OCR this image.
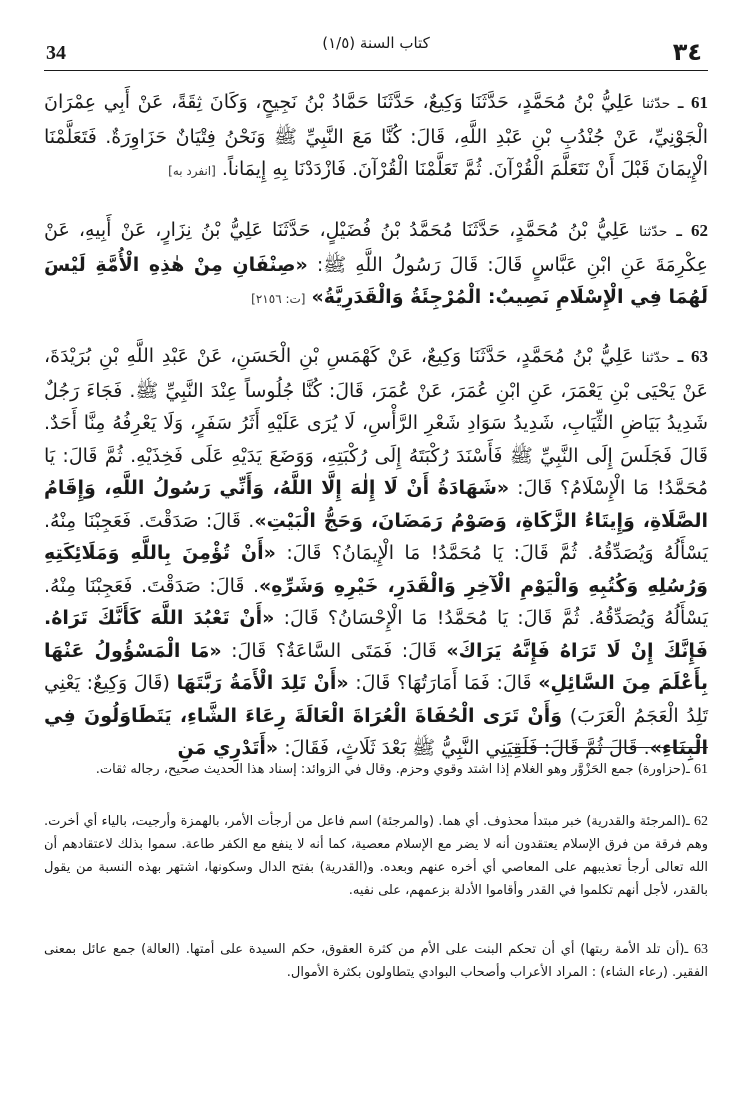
34	(١/٥) كتاب السنة	٣٤
61 ـ حدّثنا عَلِيُّ بْنُ مُحَمَّدٍ، حَدَّثَنَا وَكِيعٌ، حَدَّثَنَا حَمَّادُ بْنُ نَجِيحٍ، وَكَانَ ثِقَةً، عَنْ أَبِي عِمْرَانَ الْجَوْنِيِّ، عَنْ جُنْدُبِ بْنِ عَبْدِ اللَّهِ، قَالَ: كُنَّا مَعَ النَّبِيِّ ﷺ وَنَحْنُ فِتْيَانٌ حَزَاوِرَةٌ. فَتَعَلَّمْنَا الْإِيمَانَ قَبْلَ أَنْ نَتَعَلَّمَ الْقُرْآنَ. ثُمَّ تَعَلَّمْنَا الْقُرْآنَ. فَازْدَدْنَا بِهِ إِيمَاناً. [انفرد به]
62 ـ حدّثنا عَلِيُّ بْنُ مُحَمَّدٍ، حَدَّثَنَا مُحَمَّدُ بْنُ فُضَيْلٍ، حَدَّثَنَا عَلِيُّ بْنُ نِزَارٍ، عَنْ أَبِيهِ، عَنْ عِكْرِمَةَ عَنِ ابْنِ عَبَّاسٍ قَالَ: قَالَ رَسُولُ اللَّهِ ﷺ: «صِنْفَانِ مِنْ هٰذِهِ الْأُمَّةِ لَيْسَ لَهُمَا فِي الْإِسْلَامِ نَصِيبٌ: الْمُرْجِئَةُ وَالْقَدَرِيَّةُ» [ت: ٢١٥٦]
63 ـ حدّثنا عَلِيُّ بْنُ مُحَمَّدٍ، حَدَّثَنَا وَكِيعٌ، عَنْ كَهْمَسِ بْنِ الْحَسَنِ، عَنْ عَبْدِ اللَّهِ بْنِ بُرَيْدَةَ، عَنْ يَحْيَى بْنِ يَعْمَرَ، عَنِ ابْنِ عُمَرَ، عَنْ عُمَرَ، قَالَ: كُنَّا جُلُوساً عِنْدَ النَّبِيِّ ﷺ. فَجَاءَ رَجُلٌ شَدِيدُ بَيَاضِ الثِّيَابِ، شَدِيدُ سَوَادِ شَعْرِ الرَّأْسِ، لَا يُرَى عَلَيْهِ أَثَرُ سَفَرٍ، وَلَا يَعْرِفُهُ مِنَّا أَحَدٌ. قَالَ فَجَلَسَ إِلَى النَّبِيِّ ﷺ فَأَسْنَدَ رُكْبَتَهُ إِلَى رُكْبَتِهِ، وَوَضَعَ يَدَيْهِ عَلَى فَخِذَيْهِ. ثُمَّ قَالَ: يَا مُحَمَّدُ! مَا الْإِسْلَامُ؟ قَالَ: «شَهَادَةُ أَنْ لَا إِلٰهَ إِلَّا اللَّهُ، وَأَنِّي رَسُولُ اللَّهِ، وَإِقَامُ الصَّلَاةِ، وَإِيتَاءُ الزَّكَاةِ، وَصَوْمُ رَمَضَانَ، وَحَجُّ الْبَيْتِ». قَالَ: صَدَقْتَ. فَعَجِبْنَا مِنْهُ. يَسْأَلُهُ وَيُصَدِّقُهُ. ثُمَّ قَالَ: يَا مُحَمَّدُ! مَا الْإِيمَانُ؟ قَالَ: «أَنْ تُؤْمِنَ بِاللَّهِ وَمَلَائِكَتِهِ وَرُسُلِهِ وَكُتُبِهِ وَالْيَوْمِ الْآخِرِ وَالْقَدَرِ، خَيْرِهِ وَشَرِّهِ». قَالَ: صَدَقْتَ. فَعَجِبْنَا مِنْهُ. يَسْأَلُهُ وَيُصَدِّقُهُ. ثُمَّ قَالَ: يَا مُحَمَّدُ! مَا الْإِحْسَانُ؟ قَالَ: «أَنْ تَعْبُدَ اللَّهَ كَأَنَّكَ تَرَاهُ. فَإِنَّكَ إِنْ لَا تَرَاهُ فَإِنَّهُ يَرَاكَ» قَالَ: فَمَتَى السَّاعَةُ؟ قَالَ: «مَا الْمَسْؤُولُ عَنْهَا بِأَعْلَمَ مِنَ السَّائِلِ» قَالَ: فَمَا أَمَارَتُهَا؟ قَالَ: «أَنْ تَلِدَ الْأَمَةُ رَبَّتَهَا (قَالَ وَكِيعٌ: يَعْنِي تَلِدُ الْعَجَمُ الْعَرَبَ) وَأَنْ تَرَى الْحُفَاةَ الْعُرَاةَ الْعَالَةَ رِعَاءَ الشَّاءِ، يَتَطَاوَلُونَ فِي الْبِنَاءِ». قَالَ ثُمَّ قَالَ: فَلَقِيَنِي النَّبِيُّ ﷺ بَعْدَ ثَلَاثٍ، فَقَالَ: «أَتَدْرِي مَنِ
61 ـ(حزاورة) جمع الحَزْوَّر وهو الغلام إذا اشتد وقوي وحزم. وقال في الزوائد: إسناد هذا الحديث صحيح، رجاله ثقات.
62 ـ(المرجئة والقدرية) خبر مبتدأ محذوف. أي هما. (والمرجئة) اسم فاعل من أرجأت الأمر، بالهمزة وأرجيت، بالياء أي أخرت. وهم فرقة من فرق الإسلام يعتقدون أنه لا يضر مع الإسلام معصية، كما أنه لا ينفع مع الكفر طاعة. سموا بذلك لاعتقادهم أن الله تعالى أرجأ تعذيبهم على المعاصي أي أخره عنهم وبعده. و(القدرية) بفتح الدال وسكونها، اشتهر بهذه النسبة من يقول بالقدر، لأجل أنهم تكلموا في القدر وأقاموا الأدلة بزعمهم، على نفيه.
63 ـ(أن تلد الأمة ربتها) أي أن تحكم البنت على الأم من كثرة العقوق، حكم السيدة على أمتها. (العالة) جمع عائل بمعنى الفقير. (رعاء الشاء) : المراد الأعراب وأصحاب البوادي يتطاولون بكثرة الأموال.
